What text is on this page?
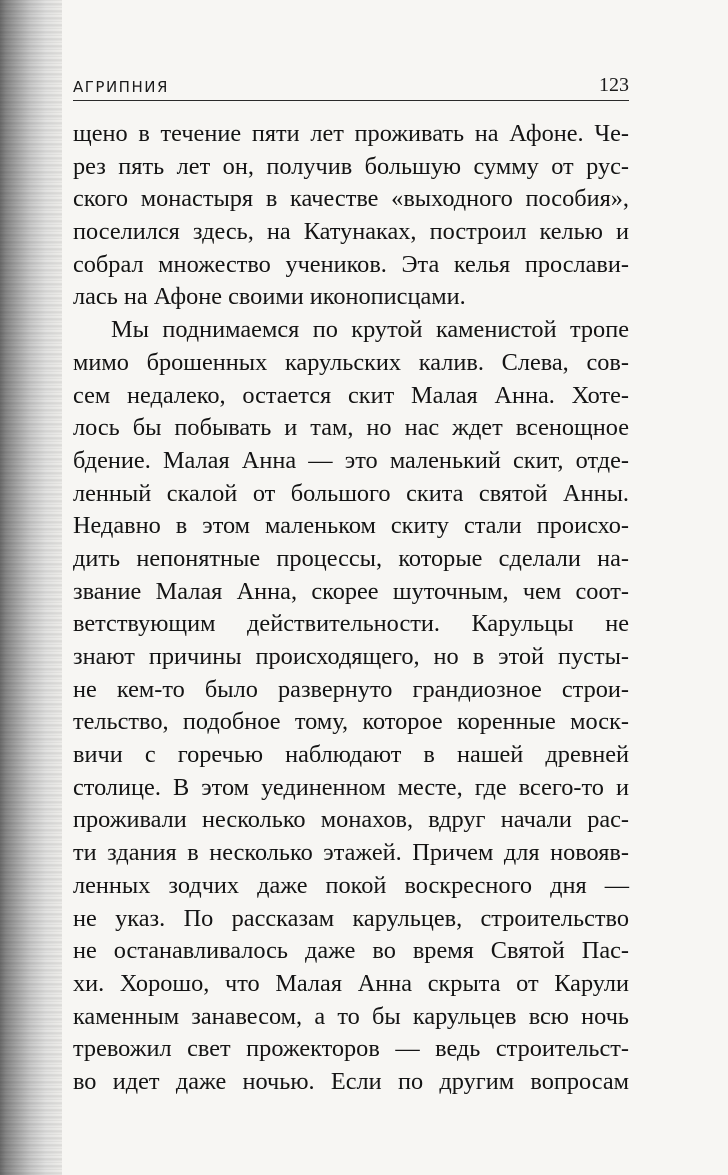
АГРИПНИЯ	123
щено в течение пяти лет проживать на Афоне. Че-
рез пять лет он, получив большую сумму от рус-
ского монастыря в качестве «выходного пособия»,
поселился здесь, на Катунаках, построил келью и
собрал множество учеников. Эта келья прослави-
лась на Афоне своими иконописцами.
Мы поднимаемся по крутой каменистой тропе
мимо брошенных карульских калив. Слева, сов-
сем недалеко, остается скит Малая Анна. Хоте-
лось бы побывать и там, но нас ждет всенощное
бдение. Малая Анна — это маленький скит, отде-
ленный скалой от большого скита святой Анны.
Недавно в этом маленьком скиту стали происхо-
дить непонятные процессы, которые сделали на-
звание Малая Анна, скорее шуточным, чем соот-
ветствующим действительности. Карульцы не
знают причины происходящего, но в этой пусты-
не кем-то было развернуто грандиозное строи-
тельство, подобное тому, которое коренные моск-
вичи с горечью наблюдают в нашей древней
столице. В этом уединенном месте, где всего-то и
проживали несколько монахов, вдруг начали рас-
ти здания в несколько этажей. Причем для новояв-
ленных зодчих даже покой воскресного дня —
не указ. По рассказам карульцев, строительство
не останавливалось даже во время Святой Пас-
хи. Хорошо, что Малая Анна скрыта от Карули
каменным занавесом, а то бы карульцев всю ночь
тревожил свет прожекторов — ведь строительст-
во идет даже ночью. Если по другим вопросам
